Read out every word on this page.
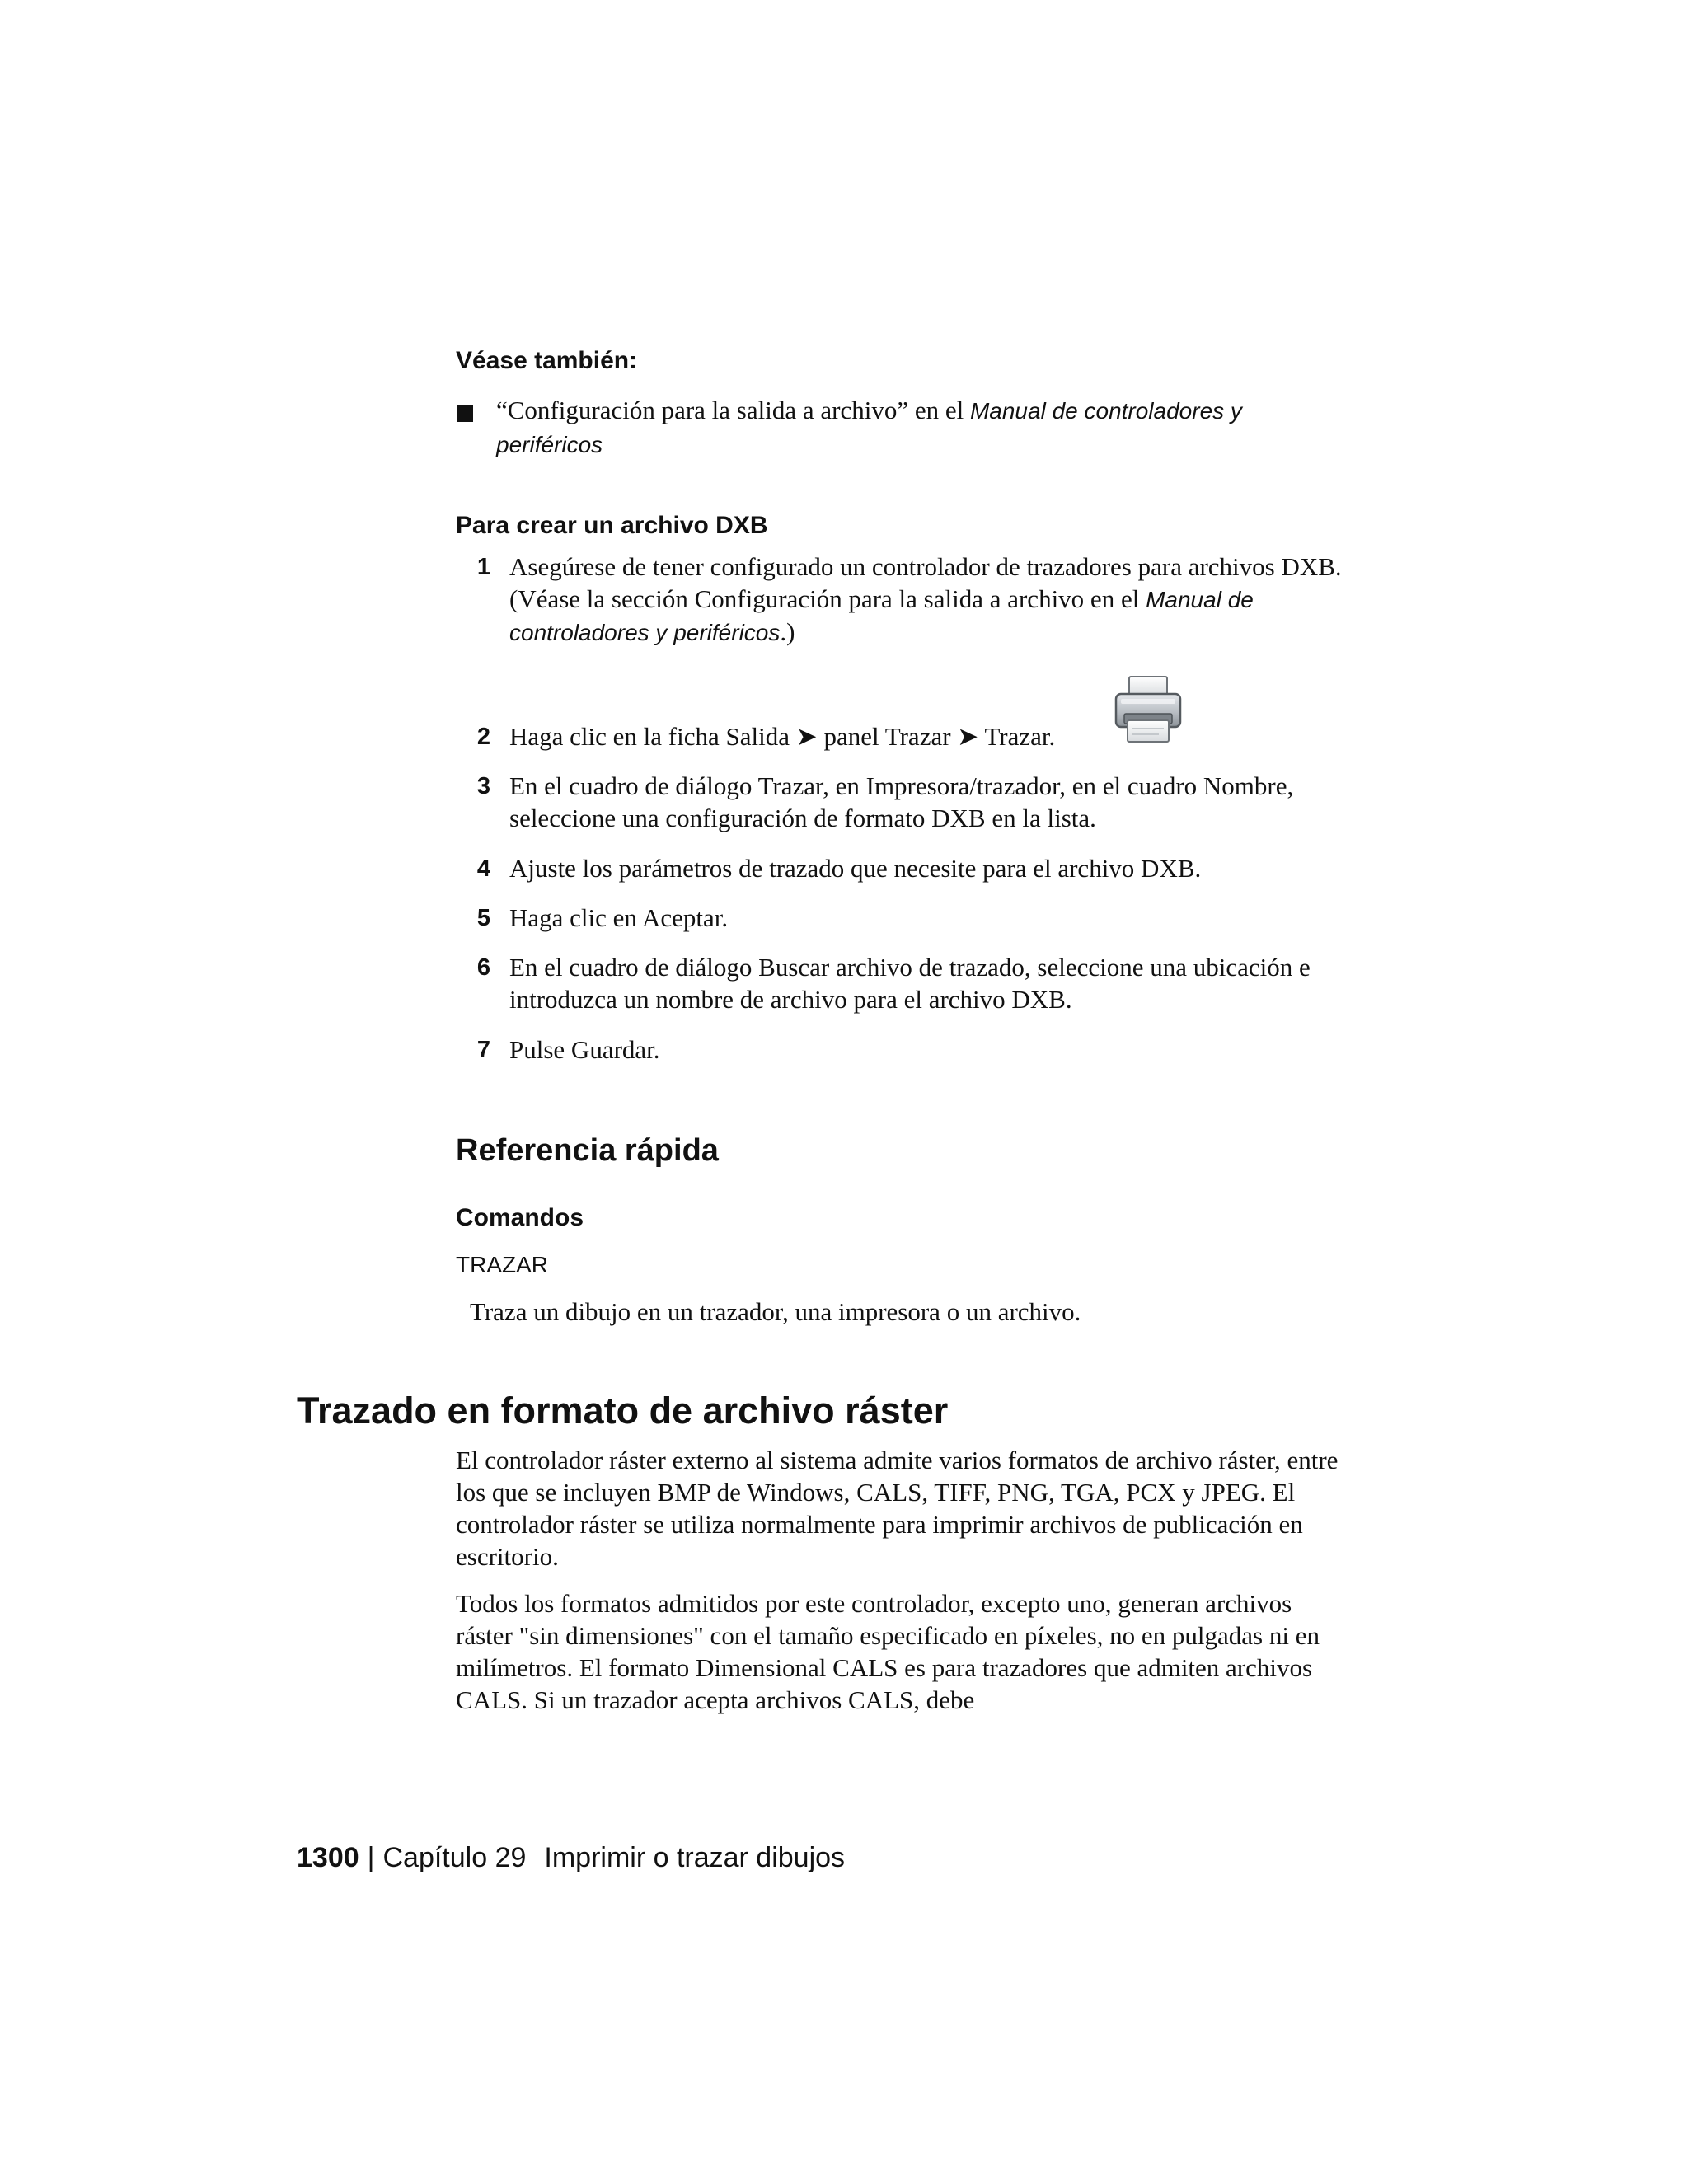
Véase también:
“Configuración para la salida a archivo” en el Manual de controladores y periféricos
Para crear un archivo DXB
1 Asegúrese de tener configurado un controlador de trazadores para archivos DXB. (Véase la sección Configuración para la salida a archivo en el Manual de controladores y periféricos.)
2 Haga clic en la ficha Salida ➤ panel Trazar ➤ Trazar.
3 En el cuadro de diálogo Trazar, en Impresora/trazador, en el cuadro Nombre, seleccione una configuración de formato DXB en la lista.
4 Ajuste los parámetros de trazado que necesite para el archivo DXB.
5 Haga clic en Aceptar.
6 En el cuadro de diálogo Buscar archivo de trazado, seleccione una ubicación e introduzca un nombre de archivo para el archivo DXB.
7 Pulse Guardar.
Referencia rápida
Comandos
TRAZAR
Traza un dibujo en un trazador, una impresora o un archivo.
Trazado en formato de archivo ráster
El controlador ráster externo al sistema admite varios formatos de archivo ráster, entre los que se incluyen BMP de Windows, CALS, TIFF, PNG, TGA, PCX y JPEG. El controlador ráster se utiliza normalmente para imprimir archivos de publicación en escritorio.
Todos los formatos admitidos por este controlador, excepto uno, generan archivos ráster "sin dimensiones" con el tamaño especificado en píxeles, no en pulgadas ni en milímetros. El formato Dimensional CALS es para trazadores que admiten archivos CALS. Si un trazador acepta archivos CALS, debe
1300 | Capítulo 29 Imprimir o trazar dibujos
